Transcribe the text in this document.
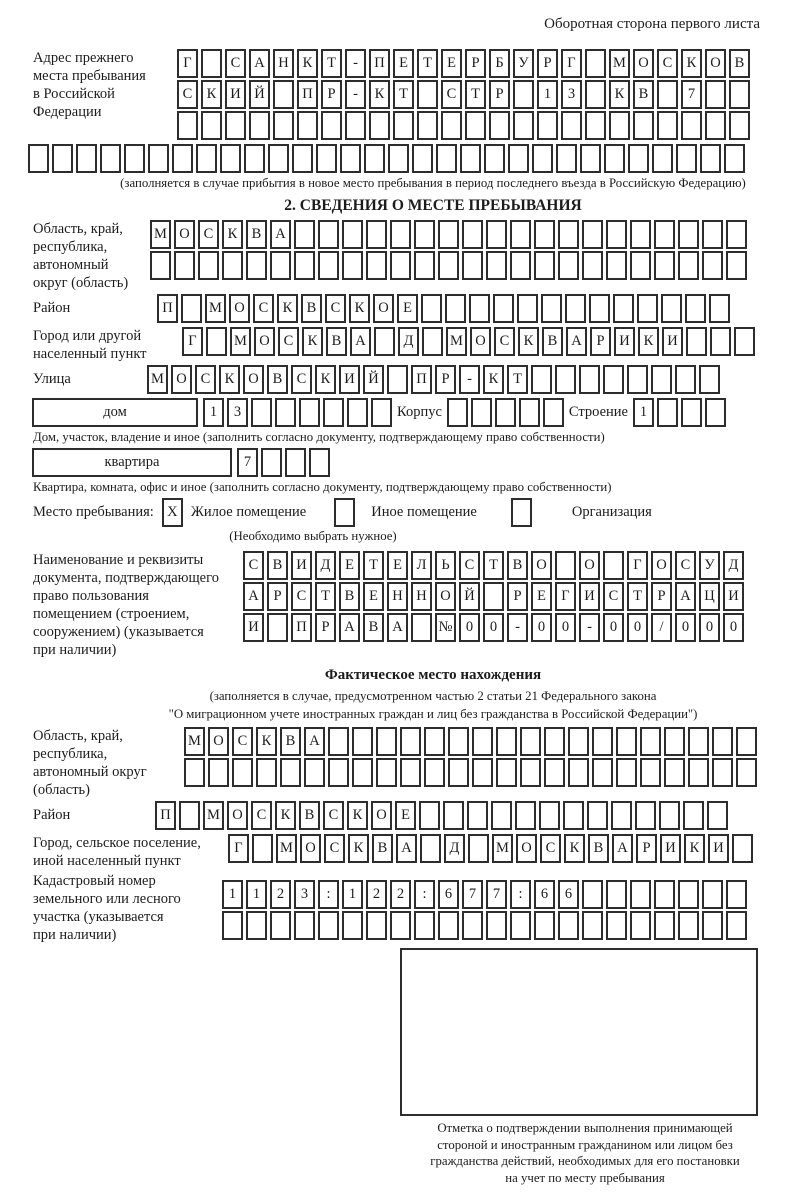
Оборотная сторона первого листа
Адрес прежнего
места пребывания
в Российской
Федерации
Г	С А Н К	Т	-	П Е	Т	Е	Р	Б	У	Р	Г	М О С К О В
С К И Й	П	Р	-	К	Т	С	Т	Р	1	3	К В	7
(заполняется в случае прибытия в новое место пребывания в период последнего въезда в Российскую Федерацию)
2. СВЕДЕНИЯ О МЕСТЕ ПРЕБЫВАНИЯ
Область, край,
республика,
автономный
округ (область)
М О С К В А
Район	П	М О С К В С К О Е
Город или другой
населенный пункт
Г	М О С К В А	Д	М О С К В А	Р	И К И
Улица	М О С К О В С К И Й	П	Р	-	К	Т
дом	1	3	Корпус	Строение 1
Дом, участок, владение и иное (заполнить согласно документу, подтверждающему право собственности)
квартира	7
Квартира, комната, офис и иное (заполнить согласно документу, подтверждающему право собственности)
Место пребывания: Х Жилое помещение	Иное помещение	Организация
(Необходимо выбрать нужное)
Наименование и реквизиты
документа, подтверждающего
право пользования
помещением (строением,
сооружением) (указывается
при наличии)
С В И Д	Е	Т	Е	Л	Ь	С	Т	В О	О	Г	О С У Д
А	Р	С	Т	В	Е Н Н О Й	Р	Е	Г	И С	Т	Р	А Ц И
И	П	Р	А В А	№ 0	0	-	0	0	-	0	0	/	0	0	0
Фактическое место нахождения
(заполняется в случае, предусмотренном частью 2 статьи 21 Федерального закона
"О миграционном учете иностранных граждан и лиц без гражданства в Российской Федерации")
Область, край,
республика,
автономный округ
(область)
М О С К В А
Район	П	М О С К В С К О Е
Город, сельское поселение,
иной населенный пункт
Г	М О С К В А	Д	М О С К В А	Р	И К И
Кадастровый номер
земельного или лесного
участка (указывается
при наличии)
1	1	2	3	:	1	2	2	:	6	7	7	:	6	6
Отметка о подтверждении выполнения принимающей
стороной и иностранным гражданином или лицом без
гражданства действий, необходимых для его постановки
на учет по месту пребывания
